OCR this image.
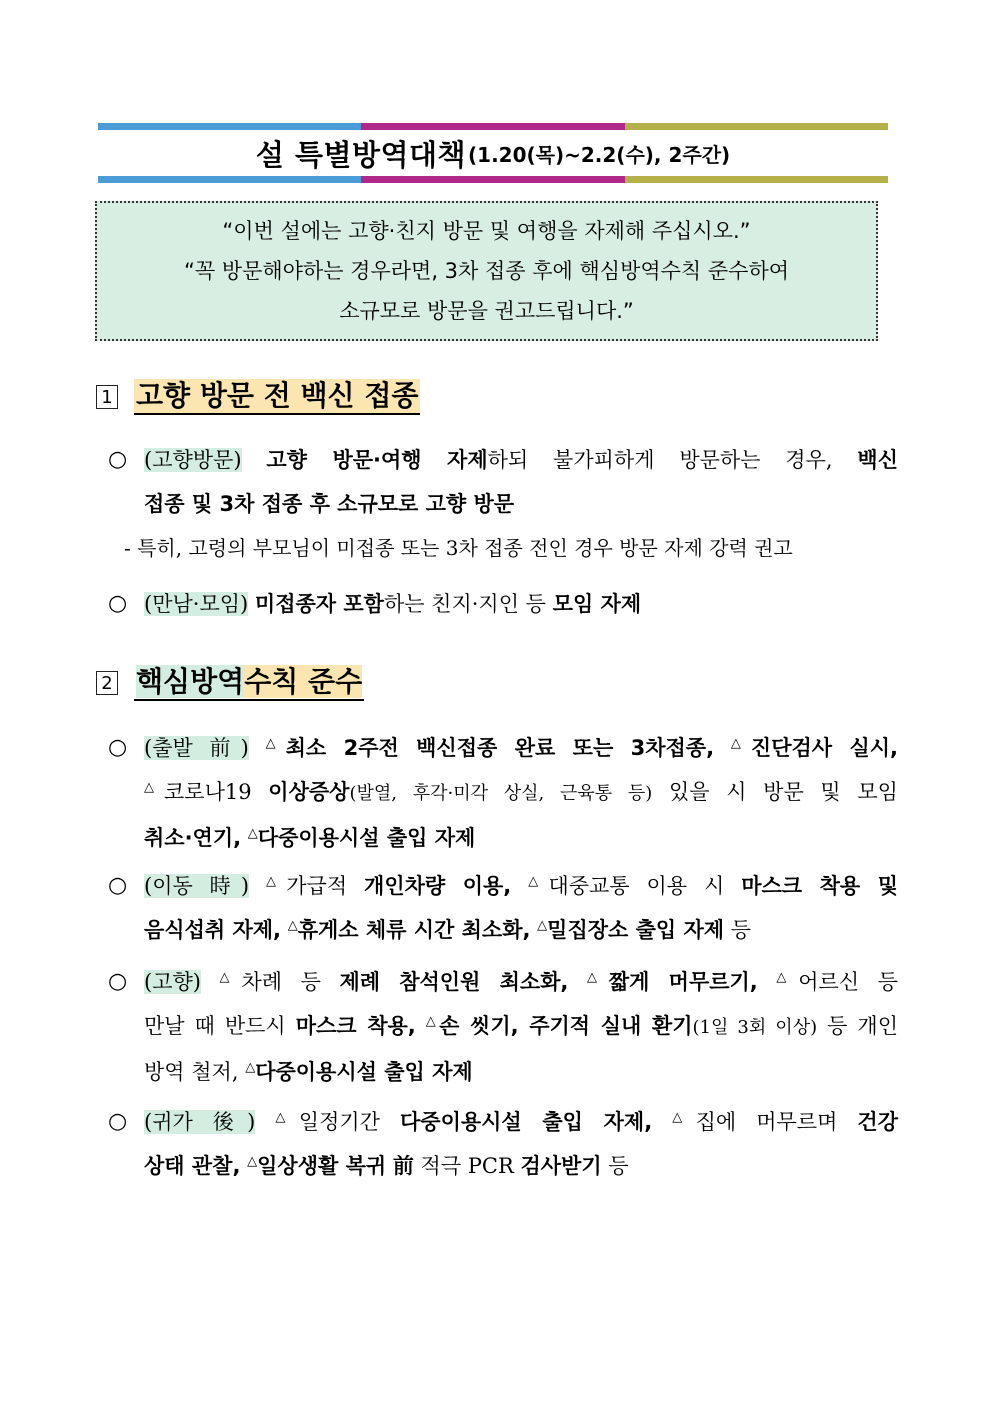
설 특별방역대책 (1.20(목)~2.2(수), 2주간)
“이번 설에는 고향·친지 방문 및 여행을 자제해 주십시오.”
“꼭 방문해야하는 경우라면, 3차 접종 후에 핵심방역수칙 준수하여
소규모로 방문을 권고드립니다.”
1 고향 방문 전 백신 접종
○ (고향방문) 고향 방문·여행 자제하되 불가피하게 방문하는 경우, 백신
접종 및 3차 접종 후 소규모로 고향 방문
- 특히, 고령의 부모님이 미접종 또는 3차 접종 전인 경우 방문 자제 강력 권고
○ (만남·모임) 미접종자 포함하는 친지·지인 등 모임 자제
2 핵심방역수칙 준수
○ (출발 前) △최소 2주전 백신접종 완료 또는 3차접종, △진단검사 실시,
△코로나19 이상증상(발열, 후각·미각 상실, 근육통 등) 있을 시 방문 및 모임
취소·연기, △다중이용시설 출입 자제
○ (이동 時) △가급적 개인차량 이용, △대중교통 이용 시 마스크 착용 및
음식섭취 자제, △휴게소 체류 시간 최소화, △밀집장소 출입 자제 등
○ (고향) △차례 등 제례 참석인원 최소화, △짧게 머무르기, △어르신 등
만날 때 반드시 마스크 착용, △손 씻기, 주기적 실내 환기(1일 3회 이상) 등 개인
방역 철저, △다중이용시설 출입 자제
○ (귀가 後) △일정기간 다중이용시설 출입 자제, △집에 머무르며 건강
상태 관찰, △일상생활 복귀 前 적극 PCR 검사받기 등
